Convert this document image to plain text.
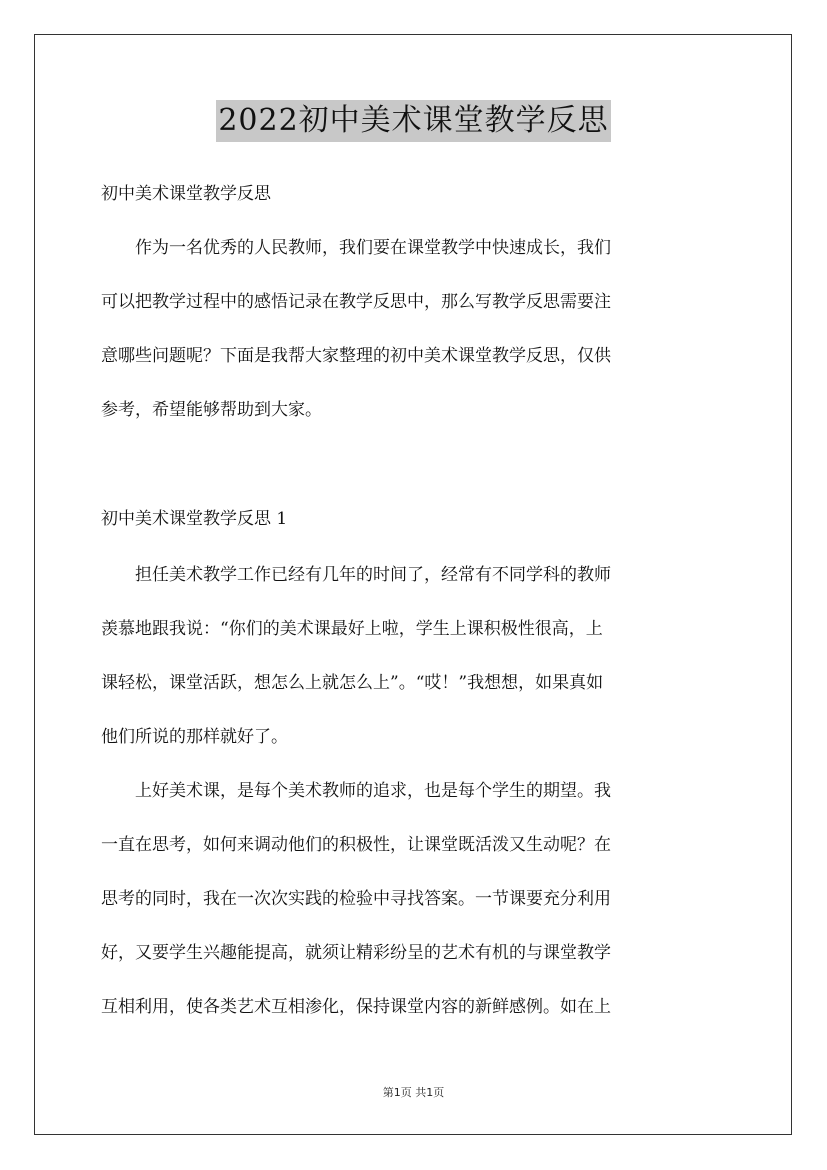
2022初中美术课堂教学反思
初中美术课堂教学反思
作为一名优秀的人民教师，我们要在课堂教学中快速成长，我们
可以把教学过程中的感悟记录在教学反思中，那么写教学反思需要注
意哪些问题呢？下面是我帮大家整理的初中美术课堂教学反思，仅供
参考，希望能够帮助到大家。
初中美术课堂教学反思 1
担任美术教学工作已经有几年的时间了，经常有不同学科的教师
羡慕地跟我说：“你们的美术课最好上啦，学生上课积极性很高，上
课轻松，课堂活跃，想怎么上就怎么上”。“哎！”我想想，如果真如
他们所说的那样就好了。
上好美术课，是每个美术教师的追求，也是每个学生的期望。我
一直在思考，如何来调动他们的积极性，让课堂既活泼又生动呢？在
思考的同时，我在一次次实践的检验中寻找答案。一节课要充分利用
好，又要学生兴趣能提高，就须让精彩纷呈的艺术有机的与课堂教学
互相利用，使各类艺术互相渗化，保持课堂内容的新鲜感例。如在上
第1页 共1页
